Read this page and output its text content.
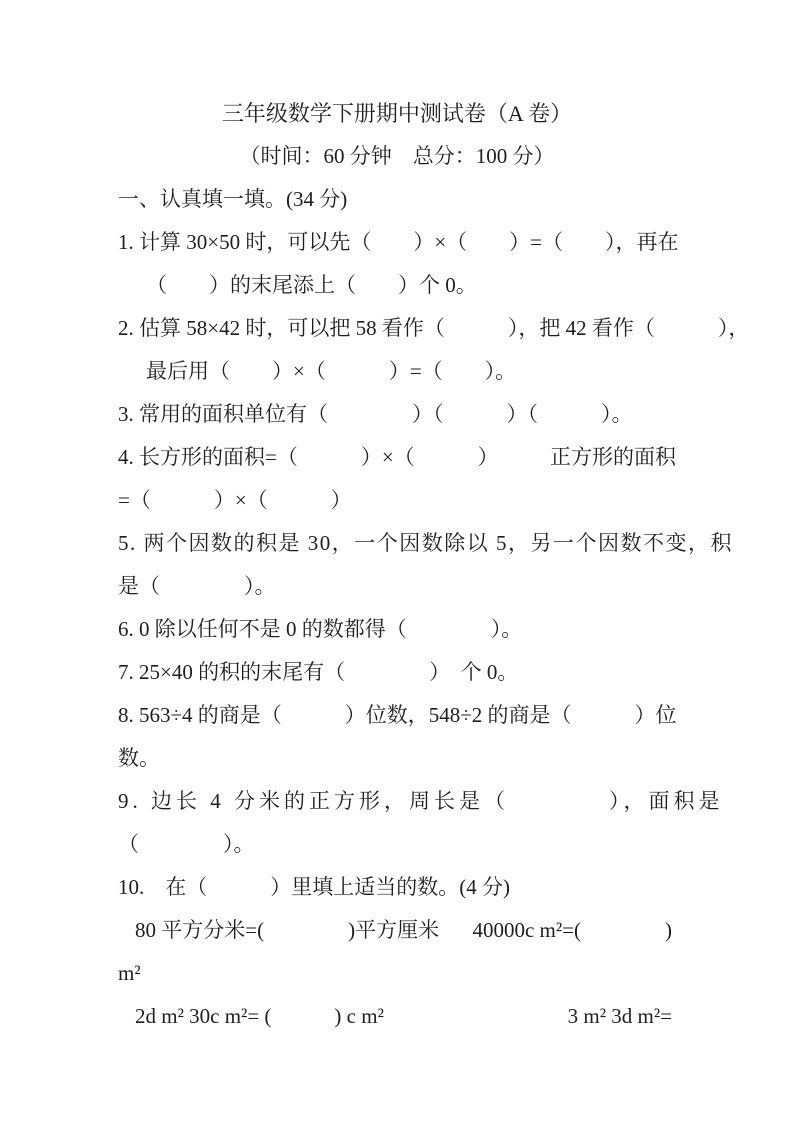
三年级数学下册期中测试卷（A 卷）
（时间：60 分钟　总分：100 分）
一、认真填一填。(34 分)
1. 计算 30×50 时，可以先（　　）×（　　）=（　　），再在
（　　）的末尾添上（　　）个 0。
2. 估算 58×42 时，可以把 58 看作（　　　），把 42 看作（　　　），
最后用（　　）×（　　　）=（　　）。
3. 常用的面积单位有（　　　　）（　　　）（　　　）。
4. 长方形的面积=（　　　）×（　　　） 正方形的面积
=（　　　）×（　　　）
5. 两个因数的积是 30，一个因数除以 5，另一个因数不变，积
是（　　　　）。
6. 0 除以任何不是 0 的数都得（　　　　）。
7. 25×40 的积的末尾有（　　　　）　个 0。
8. 563÷4 的商是（　　　）位数，548÷2 的商是（　　　）位
数。
9. 边长 4 分米的正方形，周长是（　　　　），面积是
（　　　　）。
10.　在（　　　）里填上适当的数。(4 分)
80 平方分米=(　　　　)平方厘米 40000c m²=(　　　　)
m²
2d m² 30c m²= (　　　) c m²	3 m² 3d m²=
